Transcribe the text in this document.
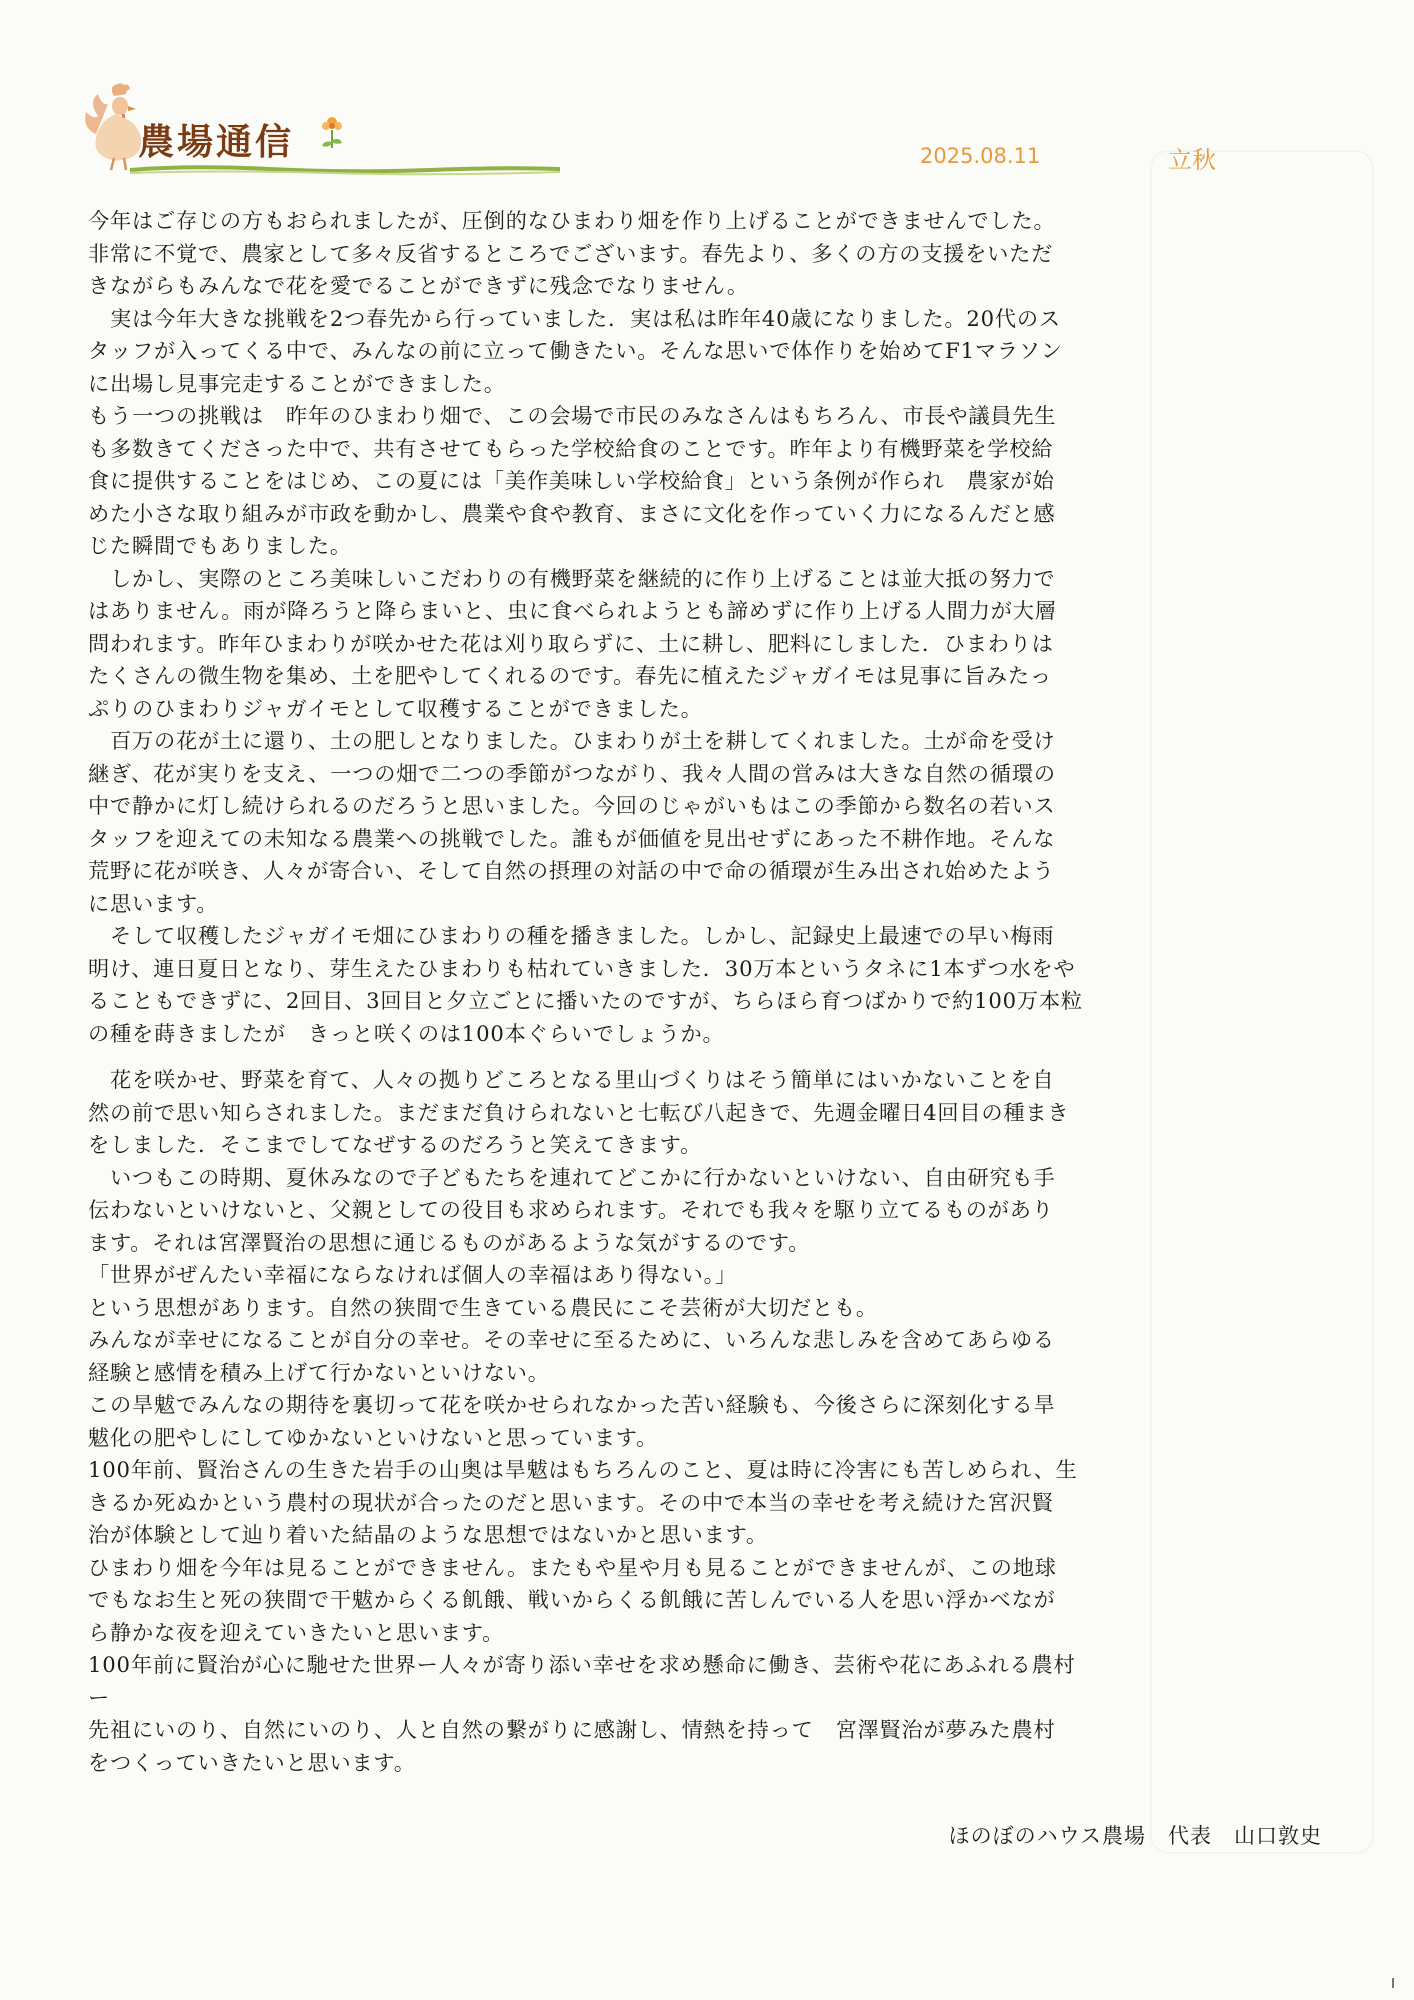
農場通信	2025.08.11	立秋
今年はご存じの方もおられましたが、圧倒的なひまわり畑を作り上げることができませんでした。
非常に不覚で、農家として多々反省するところでございます。春先より、多くの方の支援をいただ
きながらもみんなで花を愛でることができずに残念でなりません。
　実は今年大きな挑戦を2つ春先から行っていました．実は私は昨年40歳になりました。20代のス
タッフが入ってくる中で、みんなの前に立って働きたい。そんな思いで体作りを始めてF1マラソン
に出場し見事完走することができました。
もう一つの挑戦は　昨年のひまわり畑で、この会場で市民のみなさんはもちろん、市長や議員先生
も多数きてくださった中で、共有させてもらった学校給食のことです。昨年より有機野菜を学校給
食に提供することをはじめ、この夏には「美作美味しい学校給食」という条例が作られ　農家が始
めた小さな取り組みが市政を動かし、農業や食や教育、まさに文化を作っていく力になるんだと感
じた瞬間でもありました。
　しかし、実際のところ美味しいこだわりの有機野菜を継続的に作り上げることは並大抵の努力で
はありません。雨が降ろうと降らまいと、虫に食べられようとも諦めずに作り上げる人間力が大層
問われます。昨年ひまわりが咲かせた花は刈り取らずに、土に耕し、肥料にしました．ひまわりは
たくさんの微生物を集め、土を肥やしてくれるのです。春先に植えたジャガイモは見事に旨みたっ
ぷりのひまわりジャガイモとして収穫することができました。
　百万の花が土に還り、土の肥しとなりました。ひまわりが土を耕してくれました。土が命を受け
継ぎ、花が実りを支え、一つの畑で二つの季節がつながり、我々人間の営みは大きな自然の循環の
中で静かに灯し続けられるのだろうと思いました。今回のじゃがいもはこの季節から数名の若いス
タッフを迎えての未知なる農業への挑戦でした。誰もが価値を見出せずにあった不耕作地。そんな
荒野に花が咲き、人々が寄合い、そして自然の摂理の対話の中で命の循環が生み出され始めたよう
に思います。
　そして収穫したジャガイモ畑にひまわりの種を播きました。しかし、記録史上最速での早い梅雨
明け、連日夏日となり、芽生えたひまわりも枯れていきました．30万本というタネに1本ずつ水をや
ることもできずに、2回目、3回目と夕立ごとに播いたのですが、ちらほら育つばかりで約100万本粒
の種を蒔きましたが　きっと咲くのは100本ぐらいでしょうか。
　花を咲かせ、野菜を育て、人々の拠りどころとなる里山づくりはそう簡単にはいかないことを自
然の前で思い知らされました。まだまだ負けられないと七転び八起きで、先週金曜日4回目の種まき
をしました．そこまでしてなぜするのだろうと笑えてきます。
　いつもこの時期、夏休みなので子どもたちを連れてどこかに行かないといけない、自由研究も手
伝わないといけないと、父親としての役目も求められます。それでも我々を駆り立てるものがあり
ます。それは宮澤賢治の思想に通じるものがあるような気がするのです。
「世界がぜんたい幸福にならなければ個人の幸福はあり得ない。」
という思想があります。自然の狭間で生きている農民にこそ芸術が大切だとも。
みんなが幸せになることが自分の幸せ。その幸せに至るために、いろんな悲しみを含めてあらゆる
経験と感情を積み上げて行かないといけない。
この旱魃でみんなの期待を裏切って花を咲かせられなかった苦い経験も、今後さらに深刻化する旱
魃化の肥やしにしてゆかないといけないと思っています。
100年前、賢治さんの生きた岩手の山奥は旱魃はもちろんのこと、夏は時に冷害にも苦しめられ、生
きるか死ぬかという農村の現状が合ったのだと思います。その中で本当の幸せを考え続けた宮沢賢
治が体験として辿り着いた結晶のような思想ではないかと思います。
ひまわり畑を今年は見ることができません。またもや星や月も見ることができませんが、この地球
でもなお生と死の狭間で干魃からくる飢餓、戦いからくる飢餓に苦しんでいる人を思い浮かべなが
ら静かな夜を迎えていきたいと思います。
100年前に賢治が心に馳せた世界ー人々が寄り添い幸せを求め懸命に働き、芸術や花にあふれる農村
ー
先祖にいのり、自然にいのり、人と自然の繋がりに感謝し、情熱を持って　宮澤賢治が夢みた農村
をつくっていきたいと思います。
ほのぼのハウス農場　代表　山口敦史
